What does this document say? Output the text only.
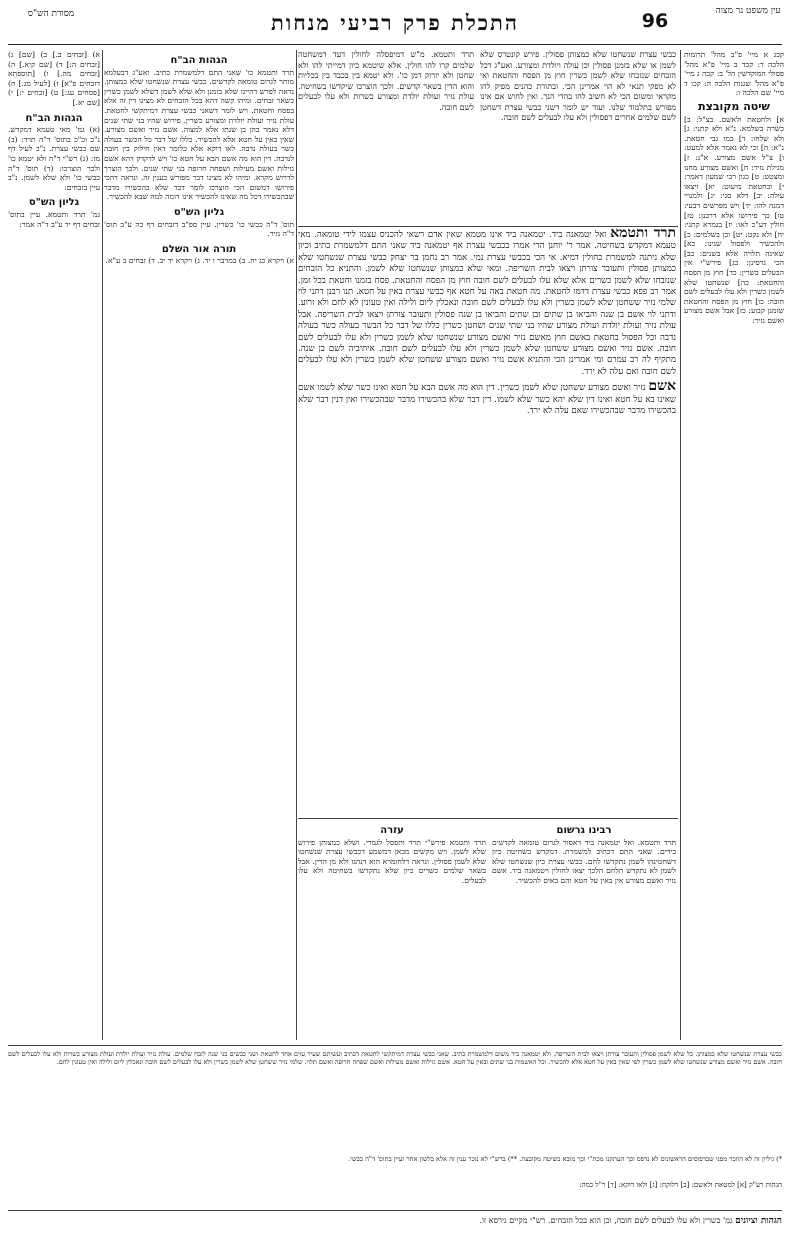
עין משפט נר מצוה
96
התכלת פרק רביעי מנחות
מסורת הש"ס

קכג א מיי' פ"ב מהל' תרומות הלכה ד: קכד ב מיי' פ"א מהל' פסולי המוקדשין הל' ב: קכה ג מיי' פ"א מהל' שגגות הלכה ה: קכו ד מיי' שם הלכה ו:

שיטה מקובצת

א] ולחטאת ולאשם. כצ"ל: ב] כשרה בשלמא. נ"א ולא קתני: ג] ולא שלחו: ד] כמו גבי חטאת. נ"א: ה] וכי לא נאמר אלא למעט: ו] צ"ל אשם מצורע. א"נ: ז] מגילת נזיר: ח] ואשם מצורע מחנו ומצטט: ט] כגון רבי שמעון דאמר: י] ובחטאת מיעוט: יא] ויצאו עולה: יב] דלא סגי: יג] ולמנויי דמנה להו: יד] ויש מפרשים דבעי: טו] כך פירושו אלא דרבנן: טז] חולין דע"כ לאו: יז] בגמרא קתני: יח] ולא נקט: יט] וכן בשלמים: כ] ולהכשיר ולפסול שנינו: כא] שאינה תלויה אלא בשנים: כב] הכי גרסינן: כג] פירש"י אין הבעלים כשרין: כד] חוץ מן הפסח והחטאת: כה] שנשחטו שלא לשמן כשרין ולא עלו לבעלים לשם חובה: כו] חוץ מן הפסח והחטאת שזמנן קבוע: כז] אבל אשם מצורע ואשם נזיר:

כבשי עצרת שנשחטו שלא כמצותן פסולין. פירש קונטרס שלא לשמן או שלא בזמנן פסולין וכן עולה ויולדת ומצורע. ואע"ג דכל הזבחים שנזבחו שלא לשמן כשרין חוץ מן הפסח והחטאת ואי לא מפקי תנאי לא הוי אמרינן הכי. ובתורת כהנים מפיק להו מקראי ומשום הכי לא חשיב להו בהדי הנך. ואין לחוש אם אינו מפורש בתלמוד שלנו. ועוד יש לומר דשני כבשי עצרת דשחטן לשם שלמים אחרים דפסולין ולא עלו לבעלים לשם חובה.

תרד ותטמא. מ"ש דמיפסלה לחולין דעד דמשחטה שלמים קרו להו חולין. אלא שיטמא כיון דמייתי להו ולא שחטן ולא יזרוק דמן כו'. ולא יטמא בין בכבד בין בכליות והוא הדין בשאר קדשים. ולכך הוצרכו שיקדשו בשחיטה. עולת נזיר ועולת יולדת ומצורע כשרות ולא עלו לבעלים לשם חובה.

תרד ותטמא ואל יטמאנה ביד. יטמאנה ביד אינו מטמא שאין אדם רשאי להכניס עצמו לידי טומאה. מאי טעמא דמקדש בשחיטה. אמר ר' יוחנן הרי אמרו בכבשי עצרת אף יטמאנה ביד שאני התם דלמשמרת כתיב וכיון שלא ניתנה למשמרת כחולין דמיא. אי הכי בכבשי עצרת נמי. אמר רב נחמן בר יצחק כבשי עצרת שנשחטו שלא כמצותן פסולין ותעובר צורתן ויצאו לבית השריפה. ומאי שלא כמצותן שנשחטו שלא לשמן. והתניא כל הזבחים שנזבחו שלא לשמן כשרים אלא שלא עלו לבעלים לשם חובה חוץ מן הפסח והחטאת. פסח בזמנו וחטאת בכל זמן. אמר רב פפא כבשי עצרת דדמו לחטאת. מה חטאת באה על חטא אף כבשי עצרת באין על חטא. תנו רבנן דתני לוי שלמי נזיר ששחטן שלא לשמן כשרין ולא עלו לבעלים לשם חובה ונאכלין ליום ולילה ואין טעונין לא לחם ולא זרוע. ודתני לוי אשם בן שנה והביאו בן שתים ובן שתים והביאו בן שנה פסולין ותעובר צורתן ויצאו לבית השריפה. אבל עולת נזיר ועולת יולדת ועולת מצורע שהיו בני שתי שנים ושחטן כשרין כללו של דבר כל הבשר בעולה כשר בעולה נדבה וכל הפסול בחטאת באשם חוץ מאשם נזיר ואשם מצורע שנשחטו שלא לשמן כשרין ולא עלו לבעלים לשם חובה. אשם נזיר ואשם מצורע ששחטן שלא לשמן כשרין ולא עלו לבעלים לשם חובה. איתיביה לשם בן שנה. מתקיף לה רב עמרם ומי אמרינן הכי והתניא אשם נזיר ואשם מצורע ששחטן שלא לשמן כשרין ולא עלו לבעלים לשם חובה ואם עלה לא ירד.

אשם נזיר ואשם מצורע ששחטן שלא לשמן כשרין. דין הוא מה אשם הבא על חטא ואינו כשר שלא לשמו אשם שאינו בא על חטא ואינו דין שלא יהא כשר שלא לשמו. דין דבר שלא בהכשירו מדבר שבהכשירו ואין דנין דבר שלא בהכשירו מדבר שבהכשירו שאם עלה לא ירד.

רבינו גרשום

תרד ותטמא. ואל יטמאנה ביד דאסור לגרום טומאה לקדשים בידים. שאני התם דכתיב למשמרת. דמקדש בשחיטה כיון דשחטינהו לשמן נתקדשו לחם. כבשי עצרת כיון שנשחטו שלא לשמן לא נתקדש הלחם הלכך יצאו לחולין ויטמאנה ביד. אשם נזיר ואשם מצורע אין באין על חטא והם באים להכשיר.

עזרה

תרד ותטמא פירש"י תרד ותפסל לגמרי. ושלא כמצותן פירוש שלא לשמן. ויש מקשים מכאן דמשמע דכבשי עצרת שנשחטו שלא לשמן פסולין. ונראה דלחומרא הוא דנהגו ולא מן הדין. אבל בשאר שלמים כשרים כיון שלא נתקדשו בשחיטה ולא עלו לבעלים.

הגהות הב"ח

תרד ותטמא כו' שאני התם דלמשמרת כתיב. ואע"ג דבעלמא מותר לגרום טומאה לקדשים. כבשי עצרת שנשחטו שלא כמצותן. נראה לפרש דהיינו שלא בזמנן ולא שלא לשמן דשלא לשמן כשרין כשאר זבחים. ומיהו קשה דהא בכל הזבחים לא מצינו דין זה אלא בפסח וחטאת. ויש לומר דשאני כבשי עצרת דמיתקשי לחטאת. עולת נזיר ועולת יולדת ומצורע כשרין. פירוש שהיו בני שתי שנים דלא נאמר בהן בן שנתו אלא למצוה. אשם נזיר ואשם מצורע. שאין באין על חטא אלא להכשיר. כללו של דבר כל הכשר בעולה כשר בעולת נדבה. לאו דוקא אלא כלומר דאין חילוק בין חובה לנדבה. דין הוא מה אשם הבא על חטא כו' ויש לדקדק דהא אשם גזילות ואשם מעילות ושפחה חרופה בני שתי שנים. ולכך הוצרך לדרוש מקרא. ומיהו לא מצינו דבר מפורש בענין זה. ונראה דהכי פירושו דמשום הכי הוצרכו לומר דבר שלא בהכשירו מדבר שבהכשירו דכל מה שאינו להכשיר אינו דומה למה שבא להכשיר.

גליון הש"ס

תוס' ד"ה כבשי כו' כשרין. עיין ספ"ב דזבחים דף כה ע"ב תוס' ד"ה נזיר.

תורה אור השלם

א) ויקרא כג יח. ב) במדבר ו יד. ג) ויקרא יד יב. ד) זבחים ב ע"א.

א) [זבחים ב.] ב) [שם] ג) [זבחים ה:] ד) [שם קיא.] ה) [זבחים מה.] ו) [תוספתא דזבחים פ"א] ז) [לעיל מג.] ח) [פסחים עג:] ט) [זבחים י:] י) [שם יא.]

הגהות הב"ח

(א) גמ' מאי טעמא דמקדש. נ"ב וכ"כ בתוס' ד"ה תרד: (ב) שם כבשי עצרת. נ"ב לעיל דף מז: (ג) רש"י ד"ה ולא יטמא כו' ולכך הוצרכו: (ד) תוס' ד"ה כבשי כו' ולא שלא לשמן. נ"ב עיין בזבחים:

גליון הש"ס

גמ' תרד ותטמא. עיין בתוס' זבחים דף יד ע"ב ד"ה אמר:

כבשי עצרת שנשחטו שלא כמצותן. כל שלא לשמן פסולין ותעובר צורתן ויצאו לבית השריפה. ולא יטמאנה ביד משום דלמשמרת כתיב. שאני כבשי עצרת דמיתקשי לחטאת דכתיב ועשיתם שעיר עזים אחד לחטאת ושני כבשים בני שנה לזבח שלמים. עולת נזיר ועולת יולדת ועולת מצורע כשרות ולא עלו לבעלים לשם חובה. אשם נזיר ואשם מצורע שנשחטו שלא לשמן כשרין לפי שאין באין על חטא אלא להכשיר. וכל האשמות בני שתים ובאין על חטא. אשם גזילות ואשם מעילות ואשם שפחה חרופה ואשם תלוי. שלמי נזיר ששחטן שלא לשמן כשרין ולא עלו לבעלים לשם חובה ונאכלין ליום ולילה ואין טעונין לחם.
*) גיליון זה לא הוזכר מפני שבדפוסים הראשונים לא נדפס וכך העתקנו מכת"י וכך מובא בשיטה מקובצת. **) ברש"י לא נזכר ענין זה אלא בלשון אחר ועיין בתוס' ד"ה כבשי.
הגהות רע"ק [א] למטאת ולאשם: [ב] דלוקח: [ג] ולאו דוקא: [ד] ר"ל כמה:
הגהות וציונים גמ' כשרין ולא עלו לבעלים לשם חובה, וכן הוא בכל הזבחים. רש"י מקיים גירסא זו.
